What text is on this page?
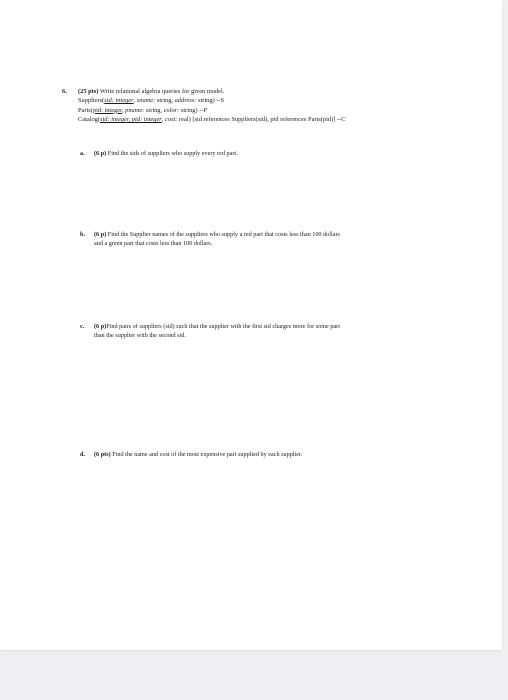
6. (25 pts) Write relational algebra queries for given model.
Suppliers(sid: integer, sname: string, address: string) --S
Parts(pid: integer, pname: string, color: string) --P
Catalog(sid: integer, pid: integer, cost: real) [sid references Suppliers(sid), pid references Parts(pid)] --C
a. (6 p) Find the sids of suppliers who supply every red part.
b. (6 p) Find the Supplier names of the suppliers who supply a red part that costs less than 100 dollars
and a green part that costs less than 100 dollars.
c. (6 p)Find pairs of suppliers (sid) such that the supplier with the first sid charges more for some part
than the supplier with the second sid.
d. (6 pts) Find the name and cost of the most expensive part supplied by each supplier.
